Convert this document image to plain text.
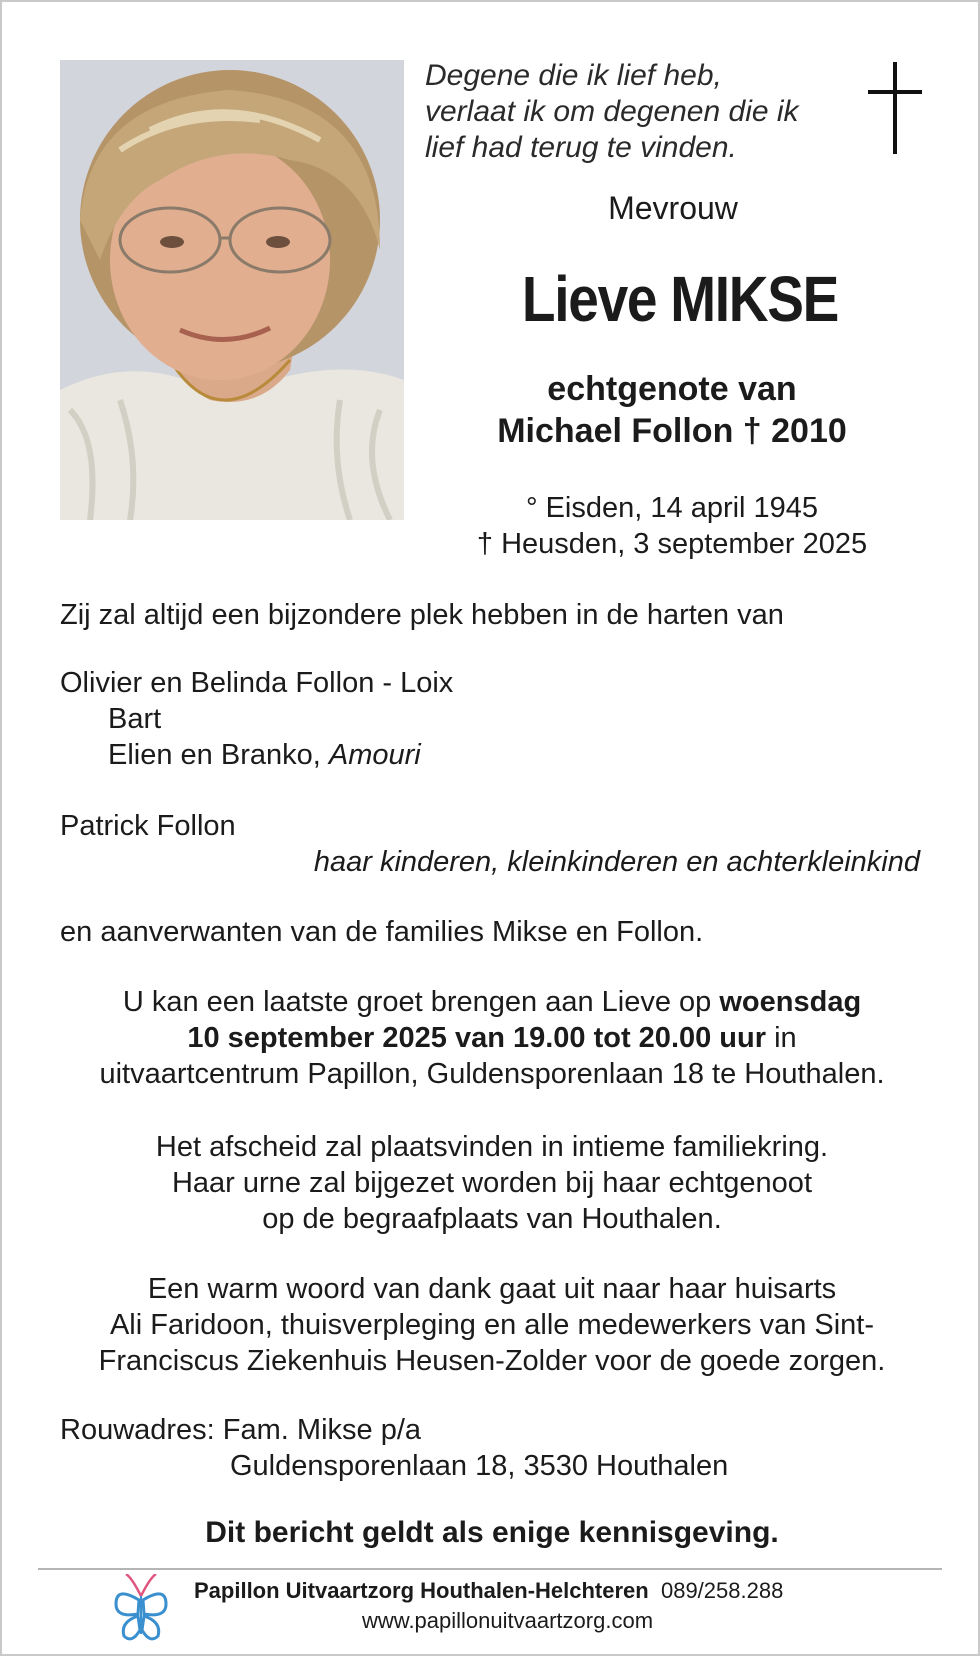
Degene die ik lief heb,
verlaat ik om degenen die ik
lief had terug te vinden.
Mevrouw
Lieve MIKSE
echtgenote van
Michael Follon † 2010
° Eisden, 14 april 1945
† Heusden, 3 september 2025
Zij zal altijd een bijzondere plek hebben in de harten van
Olivier en Belinda Follon - Loix
Bart
Elien en Branko, Amouri
Patrick Follon
haar kinderen, kleinkinderen en achterkleinkind
en aanverwanten van de families Mikse en Follon.
U kan een laatste groet brengen aan Lieve op woensdag
10 september 2025 van 19.00 tot 20.00 uur in
uitvaartcentrum Papillon, Guldensporenlaan 18 te Houthalen.
Het afscheid zal plaatsvinden in intieme familiekring.
Haar urne zal bijgezet worden bij haar echtgenoot
op de begraafplaats van Houthalen.
Een warm woord van dank gaat uit naar haar huisarts
Ali Faridoon, thuisverpleging en alle medewerkers van Sint-
Franciscus Ziekenhuis Heusen-Zolder voor de goede zorgen.
Rouwadres: Fam. Mikse p/a
Guldensporenlaan 18, 3530 Houthalen
Dit bericht geldt als enige kennisgeving.
Papillon Uitvaartzorg Houthalen-Helchteren 089/258.288
www.papillonuitvaartzorg.com
